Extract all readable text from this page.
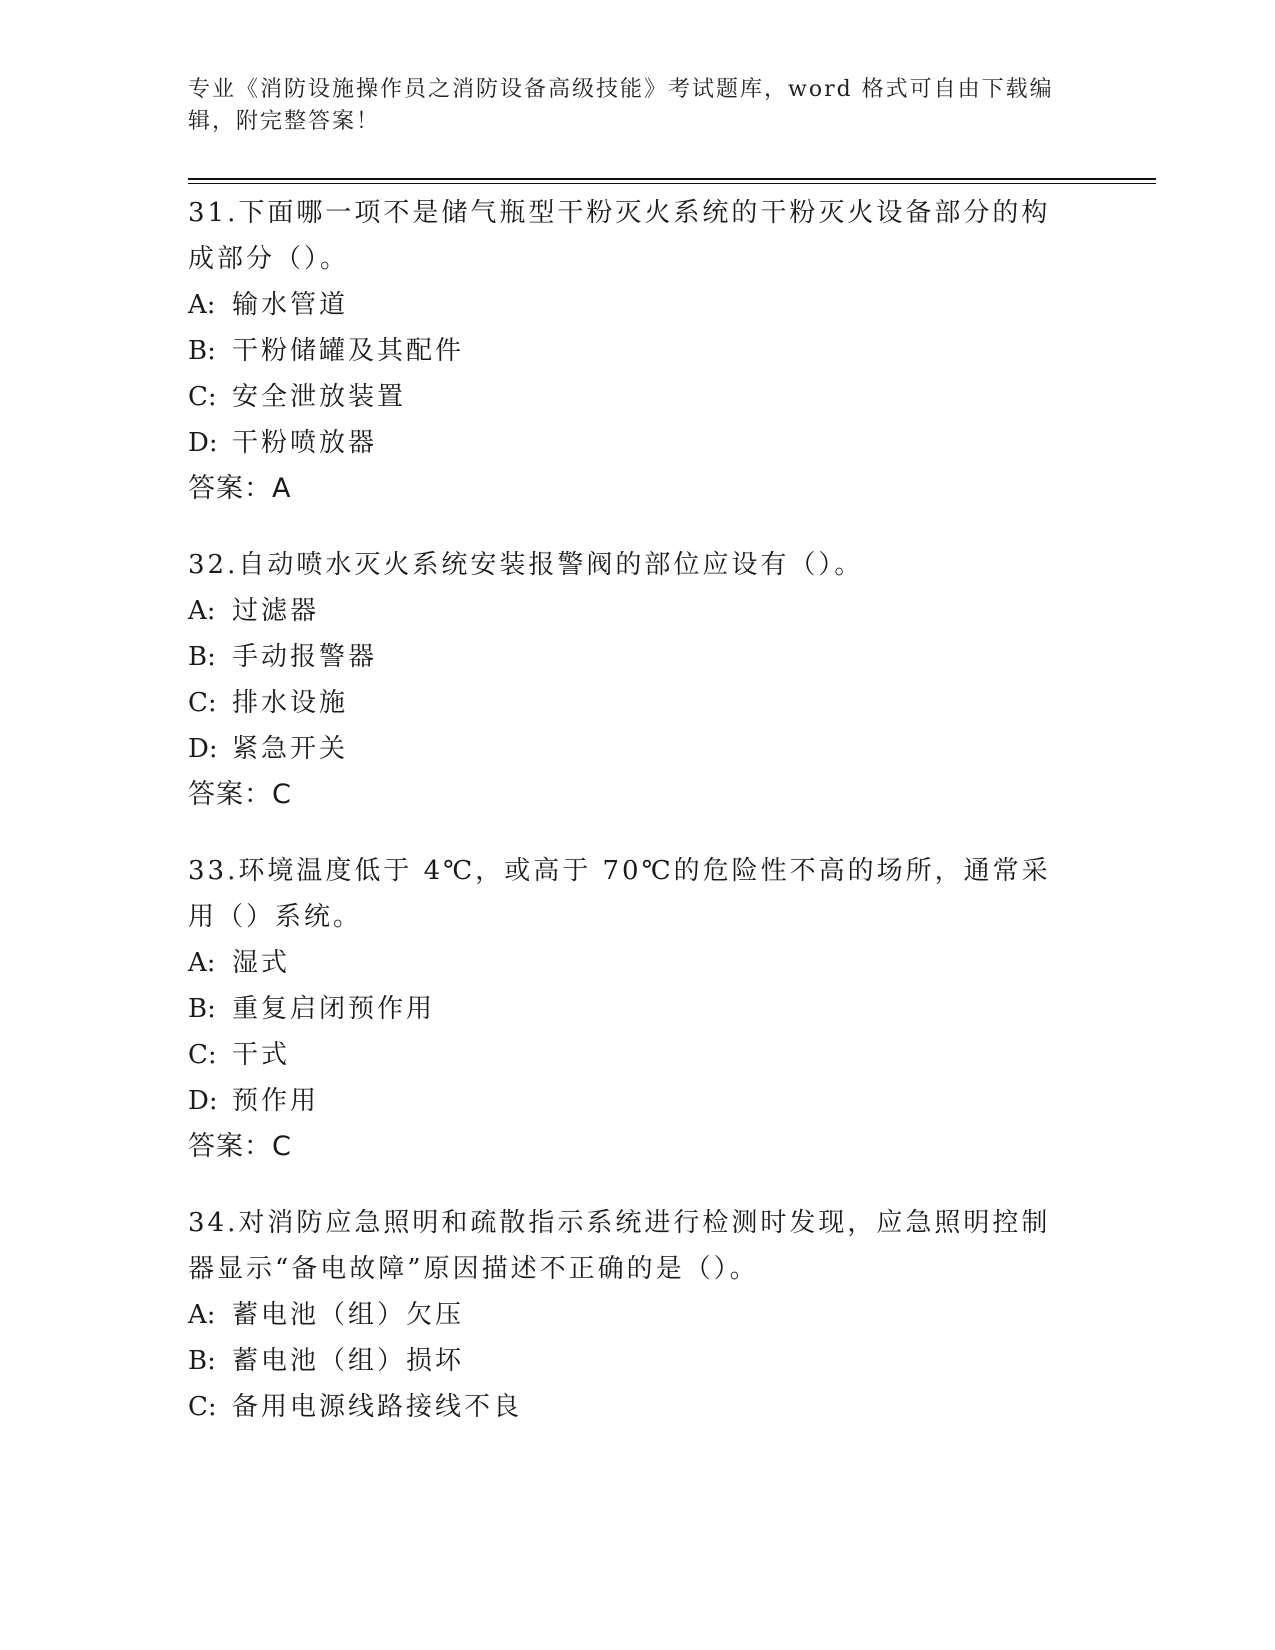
专业《消防设施操作员之消防设备高级技能》考试题库，word 格式可自由下载编辑，附完整答案！

31.下面哪一项不是储气瓶型干粉灭火系统的干粉灭火设备部分的构成部分（）。

A: 输水管道

B: 干粉储罐及其配件

C: 安全泄放装置

D: 干粉喷放器

答案：A

32.自动喷水灭火系统安装报警阀的部位应设有（）。

A: 过滤器

B: 手动报警器

C: 排水设施

D: 紧急开关

答案：C

33.环境温度低于 4℃，或高于 70℃的危险性不高的场所，通常采用（）系统。

A: 湿式

B: 重复启闭预作用

C: 干式

D: 预作用

答案：C

34.对消防应急照明和疏散指示系统进行检测时发现，应急照明控制器显示“备电故障”原因描述不正确的是（）。

A: 蓄电池（组）欠压

B: 蓄电池（组）损坏

C: 备用电源线路接线不良
